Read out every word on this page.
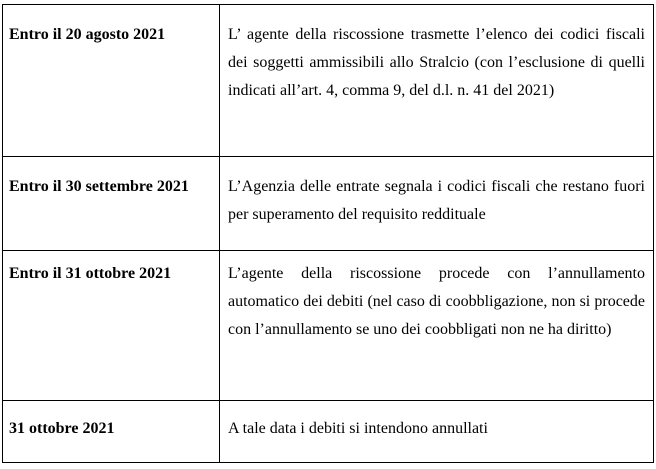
Entro il 20 agosto 2021	L’ agente della riscossione trasmette l’elenco dei codici fiscali dei soggetti ammissibili allo Stralcio (con l’esclusione di quelli indicati all’art. 4, comma 9, del d.l. n. 41 del 2021)

Entro il 30 settembre 2021	L’Agenzia delle entrate segnala i codici fiscali che restano fuori per superamento del requisito reddituale

Entro il 31 ottobre 2021	L’agente della riscossione procede con l’annullamento automatico dei debiti (nel caso di coobbligazione, non si procede con l’annullamento se uno dei coobbligati non ne ha diritto)

31 ottobre 2021	A tale data i debiti si intendono annullati
